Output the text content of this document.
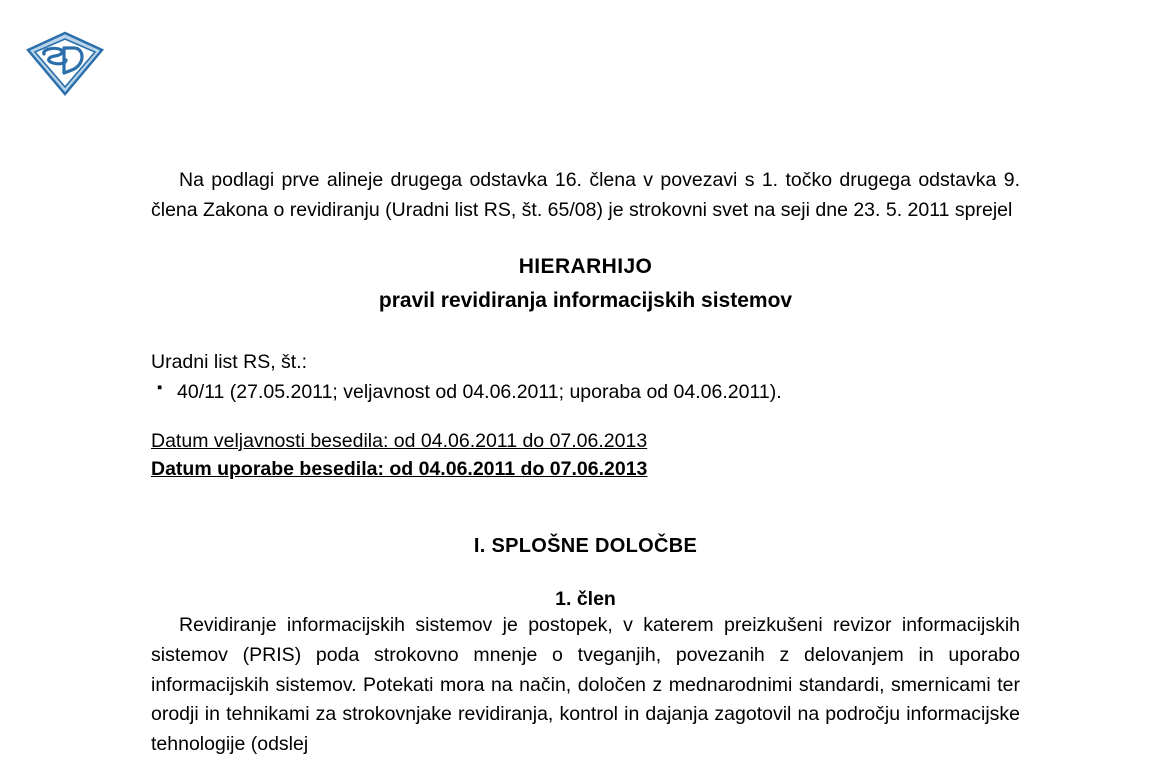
Na podlagi prve alineje drugega odstavka 16. člena v povezavi s 1. točko drugega odstavka 9. člena Zakona o revidiranju (Uradni list RS, št. 65/08) je strokovni svet na seji dne 23. 5. 2011 sprejel

HIERARHIJO
pravil revidiranja informacijskih sistemov
Uradni list RS, št.:
▪ 40/11 (27.05.2011; veljavnost od 04.06.2011; uporaba od 04.06.2011).
Datum veljavnosti besedila: od 04.06.2011 do 07.06.2013
Datum uporabe besedila: od 04.06.2011 do 07.06.2013
I. SPLOŠNE DOLOČBE
1. člen

Revidiranje informacijskih sistemov je postopek, v katerem preizkušeni revizor informacijskih sistemov (PRIS) poda strokovno mnenje o tveganjih, povezanih z delovanjem in uporabo informacijskih sistemov. Potekati mora na način, določen z mednarodnimi standardi, smernicami ter orodji in tehnikami za strokovnjake revidiranja, kontrol in dajanja zagotovil na področju informacijske tehnologije (odslej
